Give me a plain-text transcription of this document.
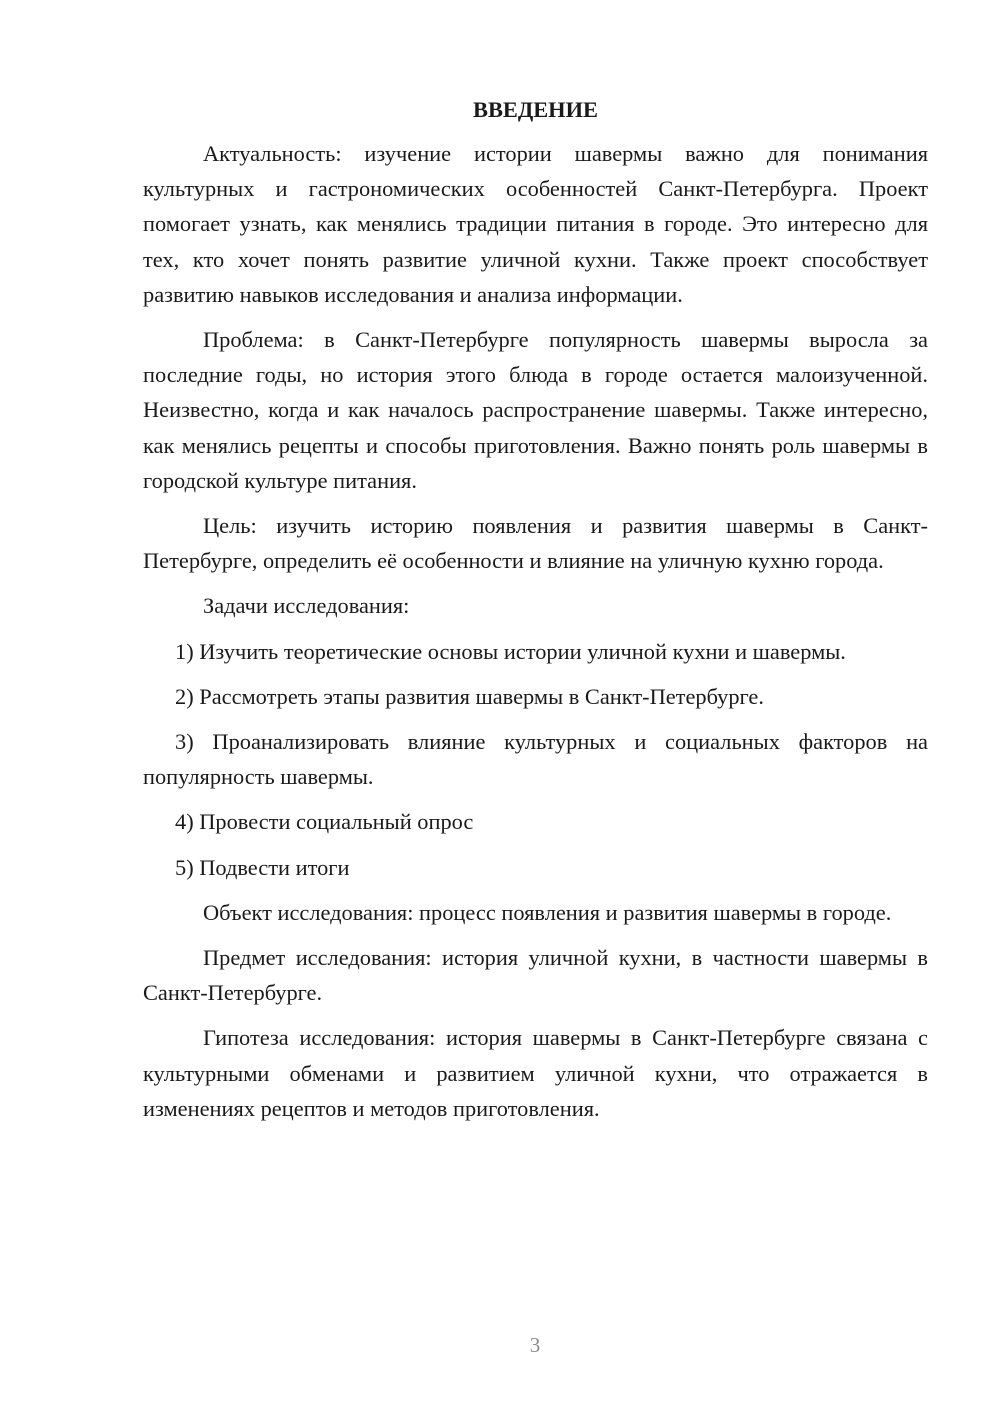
ВВЕДЕНИЕ

Актуальность: изучение истории шавермы важно для понимания культурных и гастрономических особенностей Санкт-Петербурга. Проект помогает узнать, как менялись традиции питания в городе. Это интересно для тех, кто хочет понять развитие уличной кухни. Также проект способствует развитию навыков исследования и анализа информации.

Проблема: в Санкт-Петербурге популярность шавермы выросла за последние годы, но история этого блюда в городе остается малоизученной. Неизвестно, когда и как началось распространение шавермы. Также интересно, как менялись рецепты и способы приготовления. Важно понять роль шавермы в городской культуре питания.

Цель: изучить историю появления и развития шавермы в Санкт-Петербурге, определить её особенности и влияние на уличную кухню города.

Задачи исследования:

1) Изучить теоретические основы истории уличной кухни и шавермы.

2) Рассмотреть этапы развития шавермы в Санкт-Петербурге.

3) Проанализировать влияние культурных и социальных факторов на популярность шавермы.

4) Провести социальный опрос

5) Подвести итоги

Объект исследования: процесс появления и развития шавермы в городе.

Предмет исследования: история уличной кухни, в частности шавермы в Санкт-Петербурге.

Гипотеза исследования: история шавермы в Санкт-Петербурге связана с культурными обменами и развитием уличной кухни, что отражается в изменениях рецептов и методов приготовления.

3
